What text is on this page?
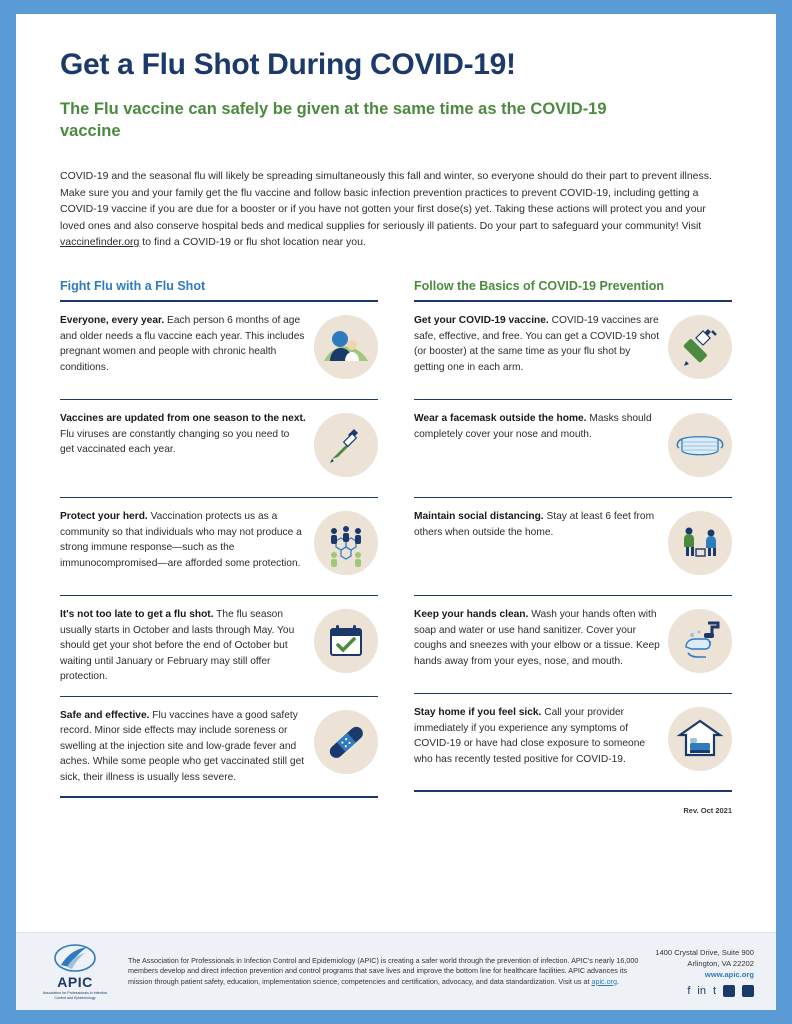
Get a Flu Shot During COVID-19!
The Flu vaccine can safely be given at the same time as the COVID-19 vaccine

COVID-19 and the seasonal flu will likely be spreading simultaneously this fall and winter, so everyone should do their part to prevent illness. Make sure you and your family get the flu vaccine and follow basic infection prevention practices to prevent COVID-19, including getting a COVID-19 vaccine if you are due for a booster or if you have not gotten your first dose(s) yet. Taking these actions will protect you and your loved ones and also conserve hospital beds and medical supplies for seriously ill patients. Do your part to safeguard your community! Visit vaccinefinder.org to find a COVID-19 or flu shot location near you.

Fight Flu with a Flu Shot
Everyone, every year. Each person 6 months of age and older needs a flu vaccine each year. This includes pregnant women and people with chronic health conditions.
Vaccines are updated from one season to the next. Flu viruses are constantly changing so you need to get vaccinated each year.
Protect your herd. Vaccination protects us as a community so that individuals who may not produce a strong immune response—such as the immunocompromised—are afforded some protection.
It's not too late to get a flu shot. The flu season usually starts in October and lasts through May. You should get your shot before the end of October but waiting until January or February may still offer protection.
Safe and effective. Flu vaccines have a good safety record. Minor side effects may include soreness or swelling at the injection site and low-grade fever and aches. While some people who get vaccinated still get sick, their illness is usually less severe.
Follow the Basics of COVID-19 Prevention
Get your COVID-19 vaccine. COVID-19 vaccines are safe, effective, and free. You can get a COVID-19 shot (or booster) at the same time as your flu shot by getting one in each arm.
Wear a facemask outside the home. Masks should completely cover your nose and mouth.
Maintain social distancing. Stay at least 6 feet from others when outside the home.
Keep your hands clean. Wash your hands often with soap and water or use hand sanitizer. Cover your coughs and sneezes with your elbow or a tissue. Keep hands away from your eyes, nose, and mouth.
Stay home if you feel sick. Call your provider immediately if you experience any symptoms of COVID-19 or have had close exposure to someone who has recently tested positive for COVID-19.
Rev. Oct 2021
APIC
Association for Professionals in Infection Control and Epidemiology
The Association for Professionals in Infection Control and Epidemiology (APIC) is creating a safer world through the prevention of infection. APIC's nearly 16,000 members develop and direct infection prevention and control programs that save lives and improve the bottom line for healthcare facilities. APIC advances its mission through patient safety, education, implementation science, competencies and certification, advocacy, and data standardization. Visit us at apic.org.
1400 Crystal Drive, Suite 900
Arlington, VA 22202
www.apic.org
f in t ▶ ▣
